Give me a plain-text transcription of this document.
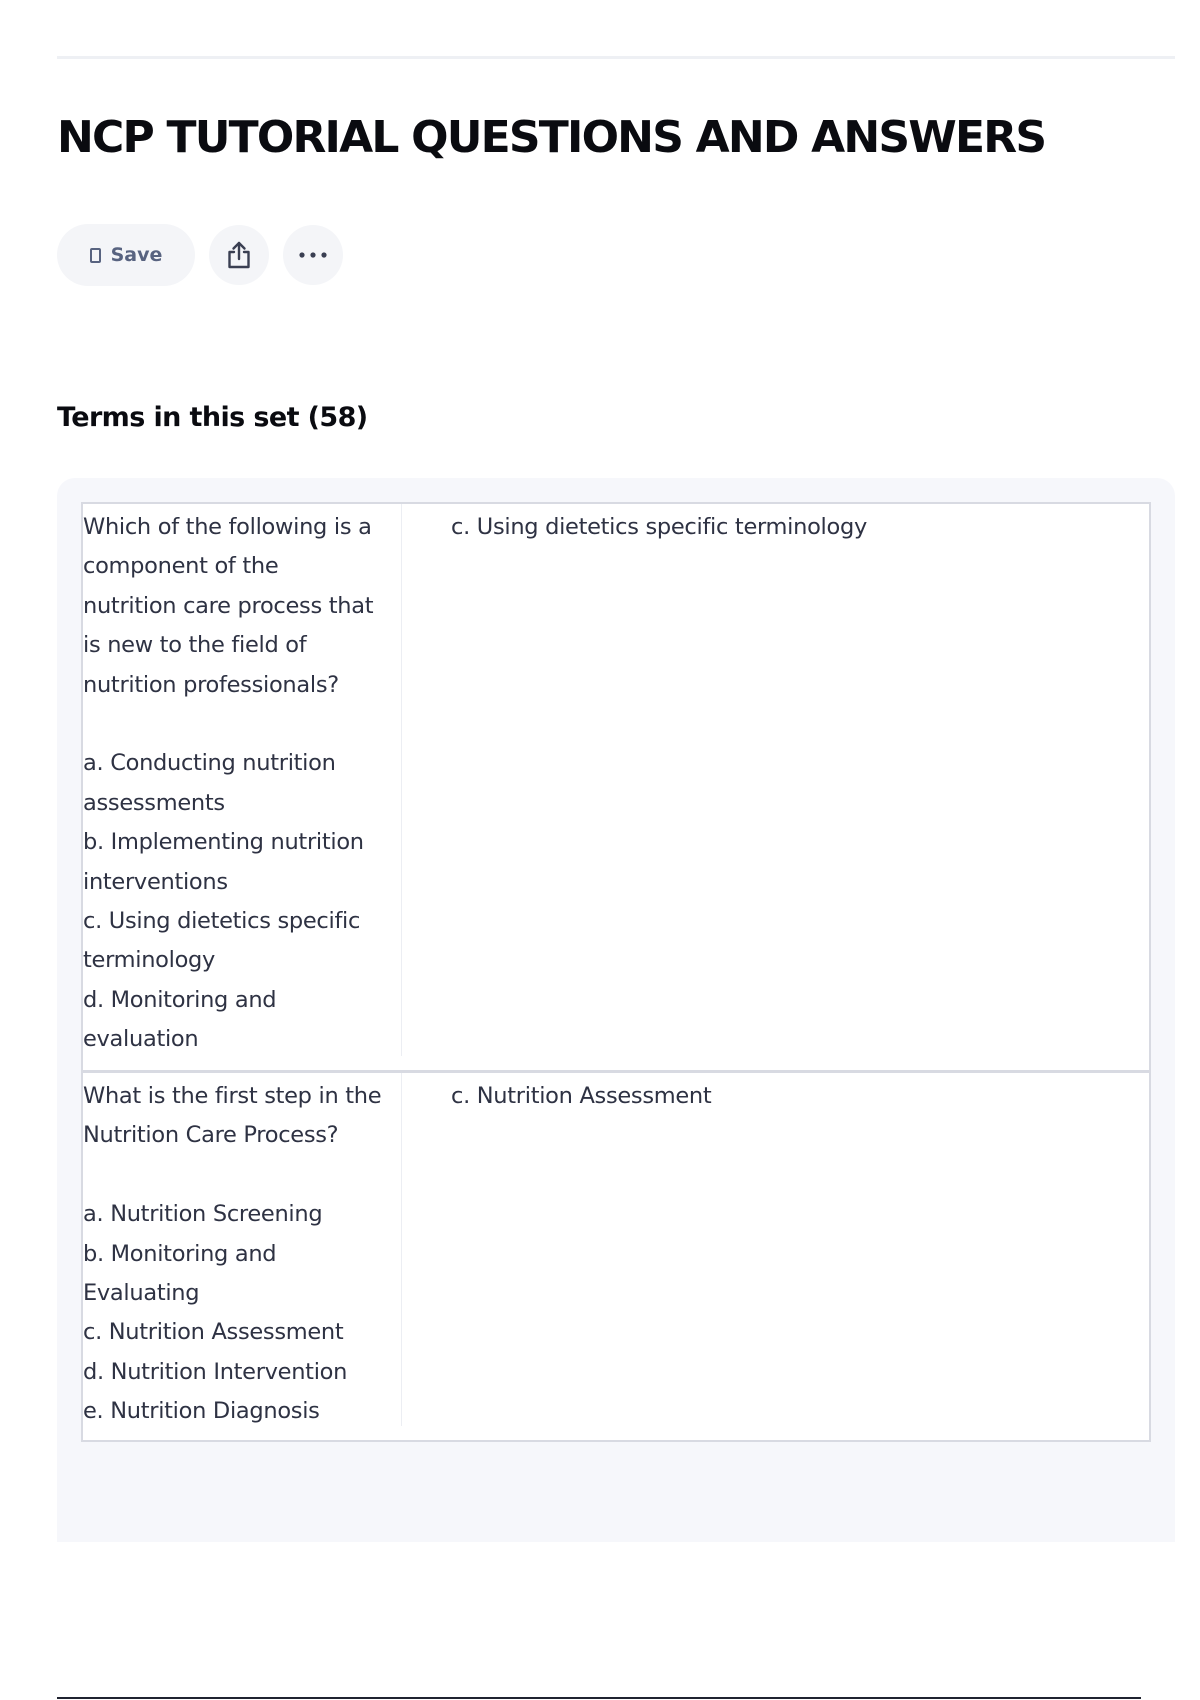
NCP TUTORIAL QUESTIONS AND ANSWERS
Save
Terms in this set (58)
Which of the following is a
component of the
nutrition care process that
is new to the field of
nutrition professionals?

a. Conducting nutrition
assessments
b. Implementing nutrition
interventions
c. Using dietetics specific
terminology
d. Monitoring and
evaluation
c. Using dietetics specific terminology
What is the first step in the
Nutrition Care Process?

a. Nutrition Screening
b. Monitoring and
Evaluating
c. Nutrition Assessment
d. Nutrition Intervention
e. Nutrition Diagnosis
c. Nutrition Assessment
